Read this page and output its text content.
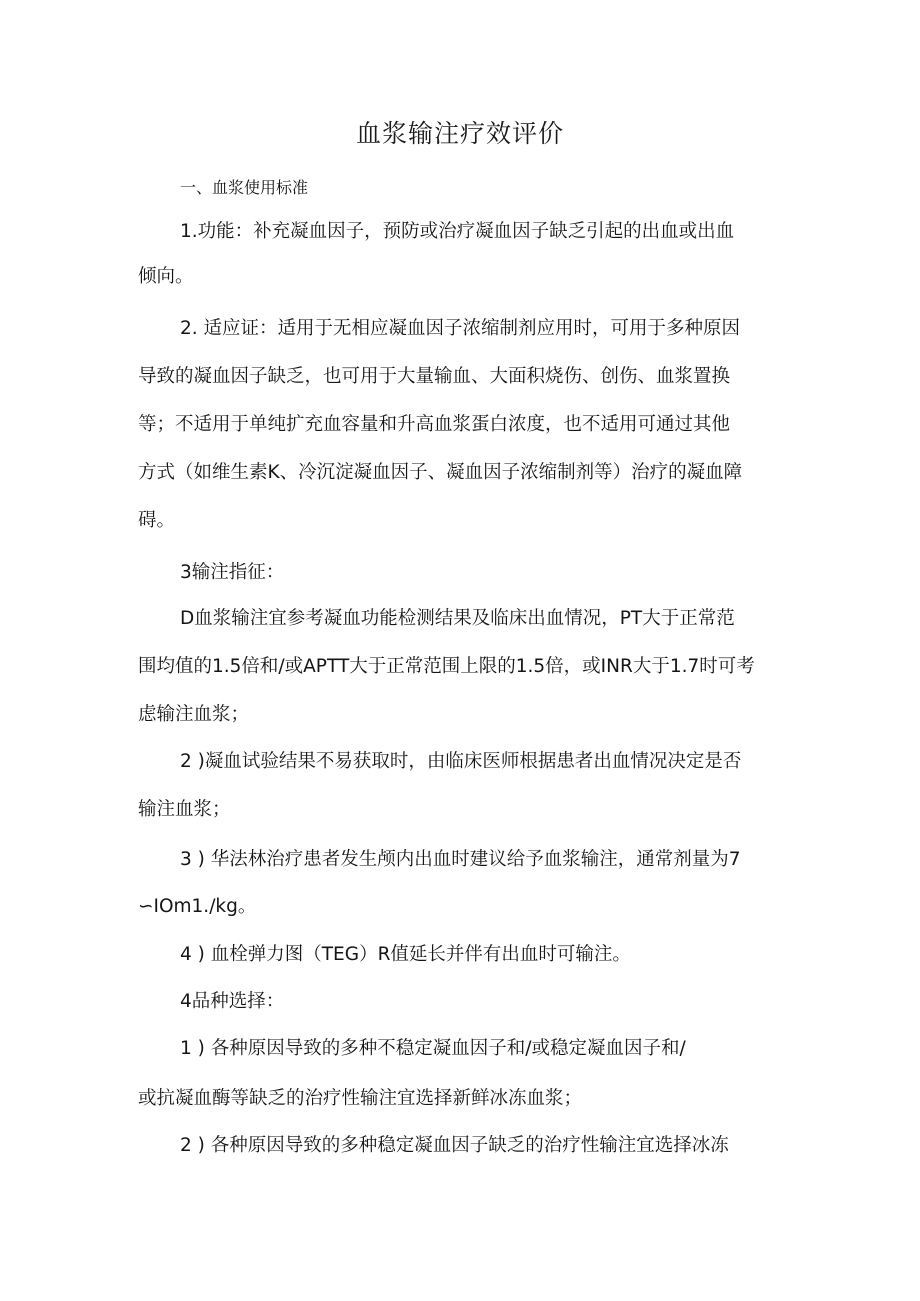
血浆输注疗效评价
一、血浆使用标准
1.功能：补充凝血因子，预防或治疗凝血因子缺乏引起的出血或出血
倾向。
2. 适应证：适用于无相应凝血因子浓缩制剂应用时，可用于多种原因
导致的凝血因子缺乏，也可用于大量输血、大面积烧伤、创伤、血浆置换
等；不适用于单纯扩充血容量和升高血浆蛋白浓度，也不适用可通过其他
方式（如维生素K、冷沉淀凝血因子、凝血因子浓缩制剂等）治疗的凝血障
碍。
3输注指征：
D血浆输注宜参考凝血功能检测结果及临床出血情况，PT大于正常范
围均值的1.5倍和/或APTT大于正常范围上限的1.5倍，或INR大于1.7时可考
虑输注血浆；
2 )凝血试验结果不易获取时，由临床医师根据患者出血情况决定是否
输注血浆；
3 ) 华法林治疗患者发生颅内出血时建议给予血浆输注，通常剂量为7
∽IOm1./kg。
4 ) 血栓弹力图（TEG）R值延长并伴有出血时可输注。
4品种选择：
1 ) 各种原因导致的多种不稳定凝血因子和/或稳定凝血因子和/
或抗凝血酶等缺乏的治疗性输注宜选择新鲜冰冻血浆；
2 ) 各种原因导致的多种稳定凝血因子缺乏的治疗性输注宜选择冰冻
